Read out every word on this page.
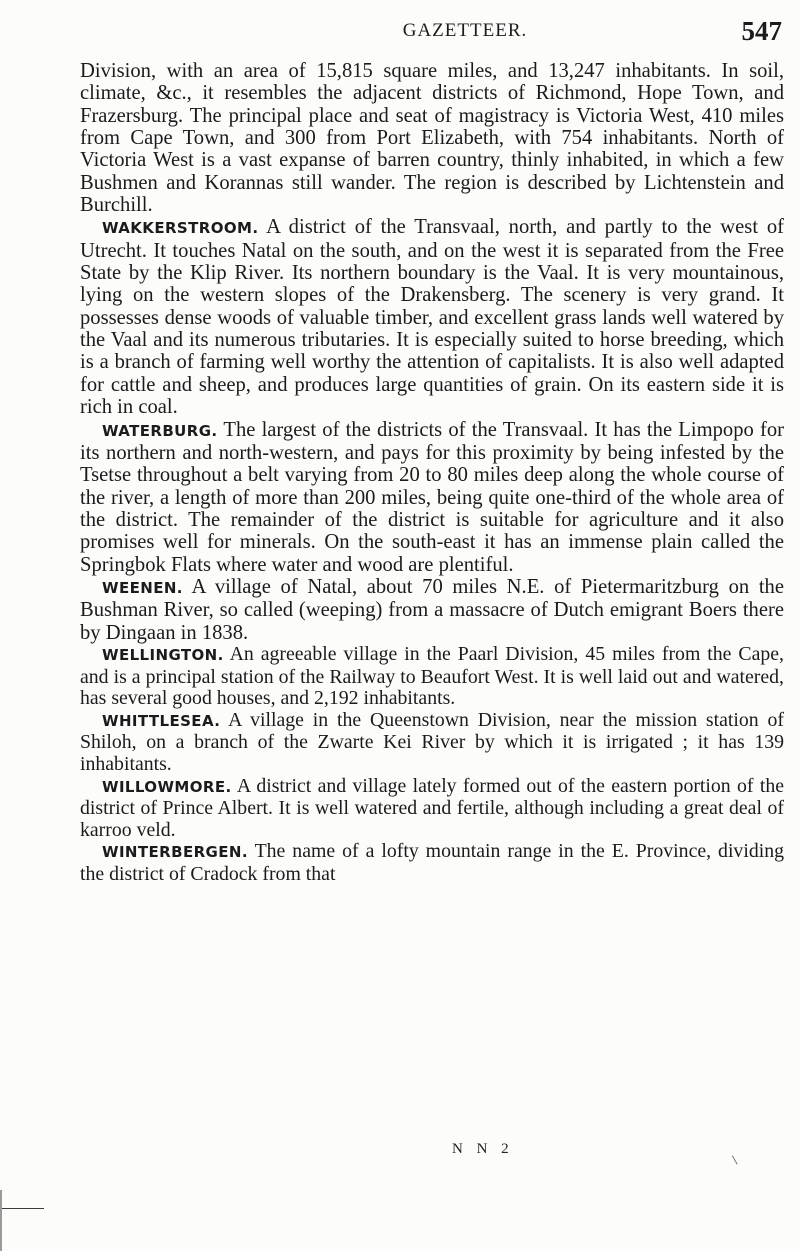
GAZETTEER.	547

Division, with an area of 15,815 square miles, and 13,247 inhabitants. In soil, climate, &c., it resembles the adjacent districts of Richmond, Hope Town, and Frazersburg. The principal place and seat of magistracy is Victoria West, 410 miles from Cape Town, and 300 from Port Elizabeth, with 754 inhabitants. North of Victoria West is a vast expanse of barren country, thinly inhabited, in which a few Bushmen and Korannas still wander. The region is described by Lichtenstein and Burchill.

WAKKERSTROOM. A district of the Transvaal, north, and partly to the west of Utrecht. It touches Natal on the south, and on the west it is separated from the Free State by the Klip River. Its northern boundary is the Vaal. It is very mountainous, lying on the western slopes of the Drakensberg. The scenery is very grand. It possesses dense woods of valuable timber, and excellent grass lands well watered by the Vaal and its numerous tributaries. It is especially suited to horse breeding, which is a branch of farming well worthy the attention of capitalists. It is also well adapted for cattle and sheep, and produces large quantities of grain. On its eastern side it is rich in coal.

WATERBURG. The largest of the districts of the Transvaal. It has the Limpopo for its northern and north-western, and pays for this proximity by being infested by the Tsetse throughout a belt varying from 20 to 80 miles deep along the whole course of the river, a length of more than 200 miles, being quite one-third of the whole area of the district. The remainder of the district is suitable for agriculture and it also promises well for minerals. On the south-east it has an immense plain called the Springbok Flats where water and wood are plentiful.

WEENEN. A village of Natal, about 70 miles N.E. of Pietermaritzburg on the Bushman River, so called (weeping) from a massacre of Dutch emigrant Boers there by Dingaan in 1838.

WELLINGTON. An agreeable village in the Paarl Division, 45 miles from the Cape, and is a principal station of the Railway to Beaufort West. It is well laid out and watered, has several good houses, and 2,192 inhabitants.

WHITTLESEA. A village in the Queenstown Division, near the mission station of Shiloh, on a branch of the Zwarte Kei River by which it is irrigated ; it has 139 inhabitants.

WILLOWMORE. A district and village lately formed out of the eastern portion of the district of Prince Albert. It is well watered and fertile, although including a great deal of karroo veld.

WINTERBERGEN. The name of a lofty mountain range in the E. Province, dividing the district of Cradock from that

N N 2
